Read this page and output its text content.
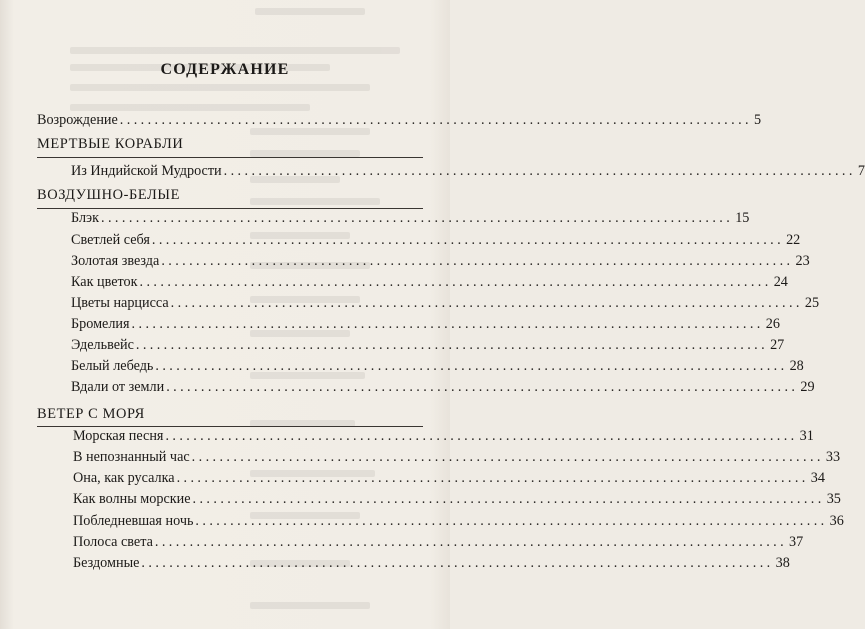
СОДЕРЖАНИЕ
Возрождение ........................................................................................... 5
МЕРТВЫЕ КОРАБЛИ
Из Индийской Мудрости ........................................................................................... 7
ВОЗДУШНО-БЕЛЫЕ
Блэк ........................................................................................... 15
Светлей себя ........................................................................................... 22
Золотая звезда ........................................................................................... 23
Как цветок ........................................................................................... 24
Цветы нарцисса ........................................................................................... 25
Бромелия ........................................................................................... 26
Эдельвейс ........................................................................................... 27
Белый лебедь ........................................................................................... 28
Вдали от земли ........................................................................................... 29
ВЕТЕР С МОРЯ
Морская песня ........................................................................................... 31
В непознанный час ........................................................................................... 33
Она, как русалка ........................................................................................... 34
Как волны морские ........................................................................................... 35
Побледневшая ночь ........................................................................................... 36
Полоса света ........................................................................................... 37
Бездомные ........................................................................................... 38
